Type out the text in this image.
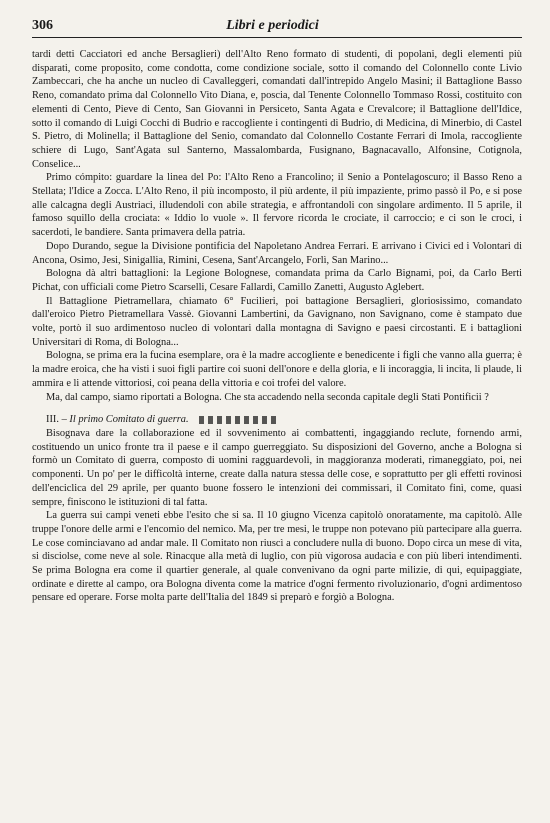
306	Libri e periodici

tardi detti Cacciatori ed anche Bersaglieri) dell'Alto Reno formato di studenti, di popolani, degli elementi più disparati, come proposito, come condotta, come condizione sociale, sotto il comando del Colonnello conte Livio Zambeccari, che ha anche un nucleo di Cavalleggeri, comandati dall'intrepido Angelo Masini; il Battaglione Basso Reno, comandato prima dal Colonnello Vito Diana, e, poscia, dal Tenente Colonnello Tommaso Rossi, costituito con elementi di Cento, Pieve di Cento, San Giovanni in Persiceto, Santa Agata e Crevalcore; il Battaglione dell'Idice, sotto il comando di Luigi Cocchi di Budrio e raccogliente i contingenti di Budrio, di Medicina, di Minerbio, di Castel S. Pietro, di Molinella; il Battaglione del Senio, comandato dal Colonnello Costante Ferrari di Imola, raccogliente schiere di Lugo, Sant'Agata sul Santerno, Massalombarda, Fusignano, Bagnacavallo, Alfonsine, Cotignola, Conselice...

Primo cómpito: guardare la linea del Po: l'Alto Reno a Francolino; il Senio a Pontelagoscuro; il Basso Reno a Stellata; l'Idice a Zocca. L'Alto Reno, il più incomposto, il più ardente, il più impaziente, primo passò il Po, e si pose alle calcagna degli Austriaci, illudendoli con abile strategia, e affrontandoli con singolare ardimento. Il 5 aprile, il famoso squillo della crociata: « Iddio lo vuole ». Il fervore ricorda le crociate, il carroccio; e ci son le croci, i sacerdoti, le bandiere. Santa primavera della patria.

Dopo Durando, segue la Divisione pontificia del Napoletano Andrea Ferrari. E arrivano i Civici ed i Volontari di Ancona, Osimo, Jesi, Sinigallia, Rimini, Cesena, Sant'Arcangelo, Forlì, San Marino...

Bologna dà altri battaglioni: la Legione Bolognese, comandata prima da Carlo Bignami, poi, da Carlo Berti Pichat, con ufficiali come Pietro Scarselli, Cesare Fallardi, Camillo Zanetti, Augusto Aglebert.

Il Battaglione Pietramellara, chiamato 6° Fucilieri, poi battagione Bersaglieri, gloriosissimo, comandato dall'eroico Pietro Pietramellara Vassè. Giovanni Lambertini, da Gavignano, non Savignano, come è stampato due volte, portò il suo ardimentoso nucleo di volontari dalla montagna di Savigno e paesi circostanti. E i battaglioni Universitari di Roma, di Bologna...

Bologna, se prima era la fucina esemplare, ora è la madre accogliente e benedicente i figli che vanno alla guerra; è la madre eroica, che ha visti i suoi figli partire coi suoni dell'onore e della gloria, e li incoraggia, li incita, li plaude, li ammira e li attende vittoriosi, coi peana della vittoria e coi trofei del valore.

Ma, dal campo, siamo riportati a Bologna. Che sta accadendo nella seconda capitale degli Stati Pontificii ?

III. – Il primo Comitato di guerra.

Bisognava dare la collaborazione ed il sovvenimento ai combattenti, ingaggiando reclute, fornendo armi, costituendo un unico fronte tra il paese e il campo guerreggiato. Su disposizioni del Governo, anche a Bologna si formò un Comitato di guerra, composto di uomini ragguardevoli, in maggioranza moderati, rimaneggiato, poi, nei componenti. Un po' per le difficoltà interne, create dalla natura stessa delle cose, e soprattutto per gli effetti rovinosi dell'enciclica del 29 aprile, per quanto buone fossero le intenzioni dei commissari, il Comitato finì, come, quasi sempre, finiscono le istituzioni di tal fatta.

La guerra sui campi veneti ebbe l'esito che si sa. Il 10 giugno Vicenza capitolò onoratamente, ma capitolò. Alle truppe l'onore delle armi e l'encomio del nemico. Ma, per tre mesi, le truppe non potevano più partecipare alla guerra. Le cose cominciavano ad andar male. Il Comitato non riuscì a concludere nulla di buono. Dopo circa un mese di vita, si disciolse, come neve al sole. Rinacque alla metà di luglio, con più vigorosa audacia e con più liberi intendimenti. Se prima Bologna era come il quartier generale, al quale convenivano da ogni parte milizie, di qui, equipaggiate, ordinate e dirette al campo, ora Bologna diventa come la matrice d'ogni fermento rivoluzionario, d'ogni ardimentoso pensare ed operare. Forse molta parte dell'Italia del 1849 si preparò e forgiò a Bologna.
